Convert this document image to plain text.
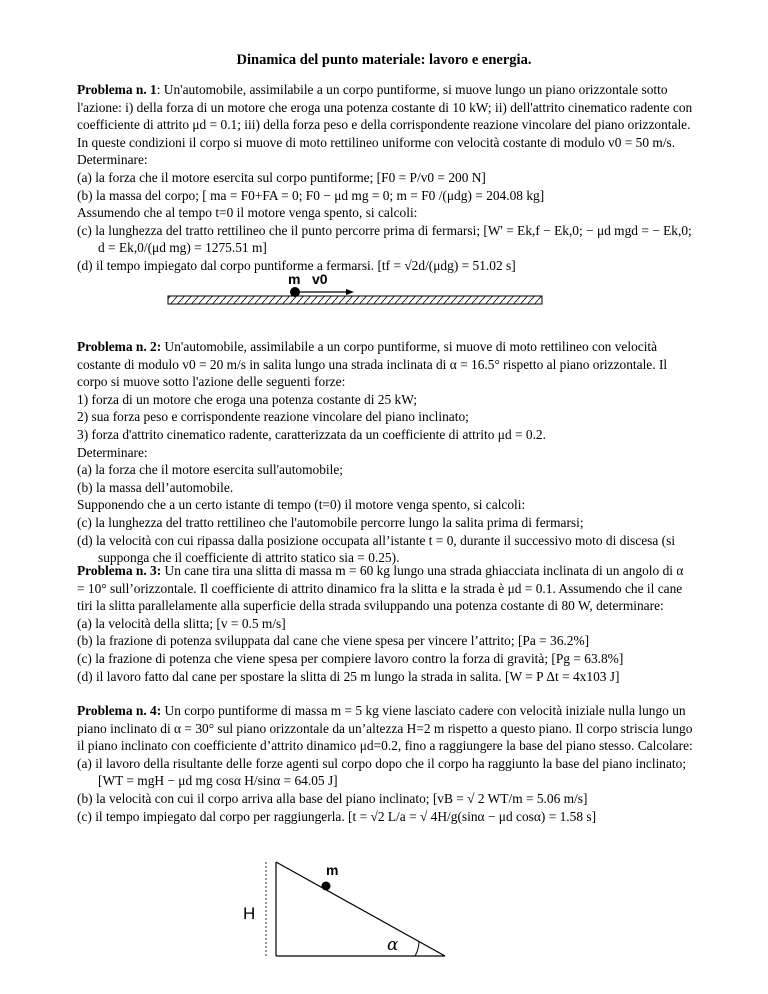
Dinamica del punto materiale: lavoro e energia.

Problema n. 1: Un'automobile, assimilabile a un corpo puntiforme, si muove lungo un piano orizzontale sotto l'azione: i) della forza di un motore che eroga una potenza costante di 10 kW; ii) dell'attrito cinematico radente con coefficiente di attrito μd = 0.1; iii) della forza peso e della corrispondente reazione vincolare del piano orizzontale. In queste condizioni il corpo si muove di moto rettilineo uniforme con velocità costante di modulo v0 = 50 m/s. Determinare:

(a) la forza che il motore esercita sul corpo puntiforme; [F0 = P/v0 = 200 N]

(b) la massa del corpo; [ ma = F0+FA = 0; F0 − μd mg = 0; m = F0 /(μdg) = 204.08 kg]

Assumendo che al tempo t=0 il motore venga spento, si calcoli:

(c) la lunghezza del tratto rettilineo che il punto percorre prima di fermarsi; [W' = Ek,f − Ek,0; − μd mgd = − Ek,0; d = Ek,0/(μd mg) = 1275.51 m]

(d) il tempo impiegato dal corpo puntiforme a fermarsi. [tf = √2d/(μdg) = 51.02 s]

m v0

Problema n. 2: Un'automobile, assimilabile a un corpo puntiforme, si muove di moto rettilineo con velocità costante di modulo v0 = 20 m/s in salita lungo una strada inclinata di α = 16.5° rispetto al piano orizzontale. Il corpo si muove sotto l'azione delle seguenti forze:

1) forza di un motore che eroga una potenza costante di 25 kW;

2) sua forza peso e corrispondente reazione vincolare del piano inclinato;

3) forza d'attrito cinematico radente, caratterizzata da un coefficiente di attrito μd = 0.2.

Determinare:

(a) la forza che il motore esercita sull'automobile;

(b) la massa dell’automobile.

Supponendo che a un certo istante di tempo (t=0) il motore venga spento, si calcoli:

(c) la lunghezza del tratto rettilineo che l'automobile percorre lungo la salita prima di fermarsi;

(d) la velocità con cui ripassa dalla posizione occupata all’istante t = 0, durante il successivo moto di discesa (si supponga che il coefficiente di attrito statico sia = 0.25).

Problema n. 3: Un cane tira una slitta di massa m = 60 kg lungo una strada ghiacciata inclinata di un angolo di α = 10° sull’orizzontale. Il coefficiente di attrito dinamico fra la slitta e la strada è μd = 0.1. Assumendo che il cane tiri la slitta parallelamente alla superficie della strada sviluppando una potenza costante di 80 W, determinare:

(a) la velocità della slitta; [v = 0.5 m/s]

(b) la frazione di potenza sviluppata dal cane che viene spesa per vincere l’attrito; [Pa = 36.2%]

(c) la frazione di potenza che viene spesa per compiere lavoro contro la forza di gravità; [Pg = 63.8%]

(d) il lavoro fatto dal cane per spostare la slitta di 25 m lungo la strada in salita. [W = P Δt = 4x103 J]

Problema n. 4: Un corpo puntiforme di massa m = 5 kg viene lasciato cadere con velocità iniziale nulla lungo un piano inclinato di α = 30° sul piano orizzontale da un’altezza H=2 m rispetto a questo piano. Il corpo striscia lungo il piano inclinato con coefficiente d’attrito dinamico μd=0.2, fino a raggiungere la base del piano stesso. Calcolare:

(a) il lavoro della risultante delle forze agenti sul corpo dopo che il corpo ha raggiunto la base del piano inclinato; [WT = mgH − μd mg cosα H/sinα = 64.05 J]

(b) la velocità con cui il corpo arriva alla base del piano inclinato; [vB = √ 2 WT/m = 5.06 m/s]

(c) il tempo impiegato dal corpo per raggiungerla. [t = √2 L/a = √ 4H/g(sinα − μd cosα) = 1.58 s]

m
H
α
